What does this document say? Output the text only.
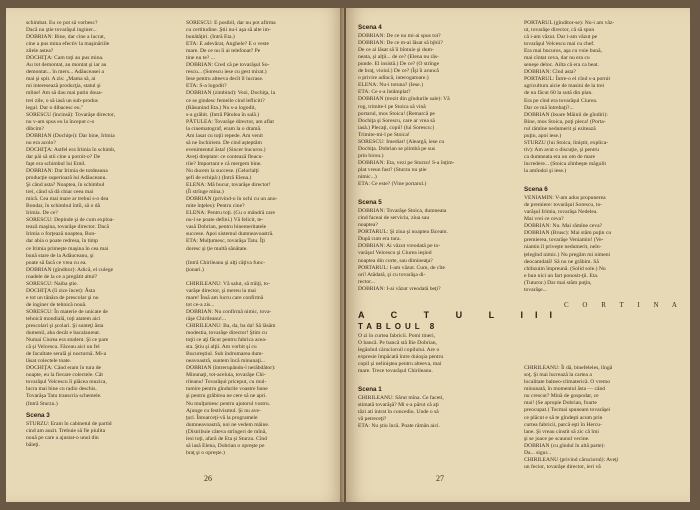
schimbat. Eu ce pot să vorbesc?

Dacă nu ştie tovarăşul inginer...

DOBRIAN: Bine, dar cine a lucrat,

cine a pus mina efectiv la maşinăriile

zilele astea?

DOCHIŢA: Cam toţi au pus mina.

Au tot demontat, au montat şi iar au

demontat... în mers... Adăuceasei a

mai şi spit. A zis: „Mama să, ai

mi interesează producţia, statul şi

mline! Am să dau mai putin doua-

trei zile, o să iasă un sub-produs

legal. Dar o dibacesc eu."

SORESCU (încinsă): Tovarăşe director,

nu v-am spus eu la început c-o

dibcim?

DOBRIAN (Dochiţei): Dar bine, Irimia

nu era acolo?

DOCHIŢA: Astfel era Irimia în schimb,

dar păi să stii cine a pornit-o? De

fapt era schimbul lui Emil.

DOBRIAN: Dar Irimia de totdeauna

producţie superioară lui Adăuceanu.

Şi când asta? Noaptea, în schimbul

trei, când să dă chiar ceea mai

mică. Cea mai mare ar trebui s-o dea

Bondar, în schimbul întîi, să o dă

Irimia. De ce?

SORESCU: Depinde şi de cum exploa-

tează maşina, tovarăşe director. Dacă

Irimia o forţează noaptea, Bon-

dar abia o poate redresa, în timp

ce Irimia primeşte maşina în cea mai

bună stare de la Adăuceanu, şi

poate să facă ce vrea cu ea.

DOBRIAN (gînditor): Adică, el culege

roadele de la ce a pregătit altul?

SORESCU: Naiba ştie.

DOCHIŢA (îi zice încet): Ăsta

e tot un tânăra de prescolar şi nu

de inginer de tehnică nouă.

SORESCU: În materie de unicate de

tehnică mondială, toţi atatem aici

prescolari şi şcolari. Şi sunteţi ăsta

dumenii, aha decât e bacalaureat.

Numai Ciurea era student. Şi ce pare

că şi Velcescu. Făceau aici un fel

de facultate serală şi nocturnă. Mi-a

lăsat colectele toate.

DOCHIŢA: Când eram în tura de

noapte, eu la fiecare colectele. Cât

tovarăşul Velcescu îi plăcea muzica,

lucra mai bine cu radio deschis.

Tovarăşa Tatu transcria schemele.

(Intră Sturzu.)

Scena 3

STURZU: Eram în cabinetul de partid

cind am auzit. Trebuie să fie piulita

nouă pe care a ajustat-o unul din

băieţi.

SORESCU: E posibil, dar nu pot afirma

cu certitudine. Ştii nu-i aşa să alte im-

bunătăţiri. (Intră Eta.)

ETA: E adevărat, Anghele? E o veste

mare. De ce nu îi ai telefonat? Pe

tine nu te? ...

DOBRIAN: Cred că pe tovarăşul So-

rescu... (Sorescu iese cu gest mirat.)

Iese pentru alteeva decît îl lucrase.

ETA: S-a logodit?

DOBRIAN (zimbind): Vezi, Dochiţa, la

ce se gindesc femeile cind lefliciti?

(Răsunind Eta.) Nu s-a logodit,

s-a grăbit. (Intră Pătulea în sală.)

PĂTULEA: Tovarăşe director, am aflat

la cinematograf, eram la o dramă.

Am lasat cu toţii repede. Am venit

să ne închiriem. De cind așteptăm

evenimentul ăsta! (Sincer bucuros.)

Aveţi dreptate: ce contează fleacu-

rile? Important e că mergem bine.

Nu ducem la succese. (Celorlalţi

şefi de echipă:) (Intră Elena.)

ELENA: Mă bucur, tovarăşe director!

(Îi strînge mîna.)

DOBRIAN (privind-o în ochi cu un anu-

mite înţeles): Pentru cine?

ELENA: Pentru toţi. (Cu o mândră care

nu-l se poate defini.) Vă felicit, te-

vasă Dobrian, pentru binemeritatele

succese. Apoi sistemul dumneavoastră.

ETA: Mulţumesc, tovarăşa Tatu. Îţi

doresc şi ţie multă sănătate.

(Intră Chirileanu şi alţi câţiva func-

ţionari.)

CHIRILEANU: Vă salut, să trăiţi, to-

varăşe director, şi mereu la mai

mare! Însă am lucru care confirmă

tot ce-a zis...

DOBRIAN: Nu confirmă nimic, tova-

răşe Chirileanu!...

CHIRILEANU: Ba, da, ba da! Să lăsăm

modestia, tovarăşe director! Ştim cu

toţii ce aţi făcut pentru fabrica acea-

sta. Ştiu şi alţii. Am vorbit şi cu

Bucureştiul. Sub îndrumarea dum-

neavoastră, suntem încă minunaţi...

DOBRIAN (întrerupându-l nerăbdător):

Minunaţi, tot-aceluia, tovarăşe Chi-

rileanu! Tovarăşul priceput, cu mul-

tumire pentru gîndurile voastre bune

şi pentru grăbirea ne cere să ne apri.

Nu mulţumesc pentru ajutorul vostru.

Ajunge cu festivismul. Şi nu ave-

ţuri. Întoarceţi-vă la programele

dumneavoastră, noi ne vedem mâine.

(Distribuie câteva strîngeri de mînă,

îesi toţi, afară de Eta şi Sturzu. Cînd

să iasă Elena, Dobrian o opreşte pe

braţ şi o opreşte.)

26

Scena 4

DOBRIAN: De ce nu mi-ai spus tot?

DOBRIAN: De ce m-ai lăsat să bjbii?

De ce ai lăsat să îi bîntuie şi dum-

neata, şi alţii... de ce? (Elena nu răs-

punde. El insistă.) De ce? (O strînge

de braţ, vioiul.) De ce? (Îşi îi aruncă

o privire adîncă, interogatoare.)

ELENA: Nu-i totuna? (Iese.)

ETA: Ce s-a întâmplat?

DOBRIAN (trezit din gîndurile sale): Vă

rog, trimite-l pe Stoica să vină

portarul, mos Stoica! (Remarcă pe

Dochiţa şi Sorescu, care ar vrea să

iasă.) Plecaţi, copii! (lui Sorescu:)

Trimite-mi-l pe Stoica!

SORESCU: Imediat! (Aleargă, iese cu

Dochiţa. Dobrian se plimbă pe sus

prin birou.)

DOBRIAN: Eta, vezi pe Sturzu! S-a înţim-

plat vreun fast? (Sturzu nu ştie

nimic...)

ETA: Ce este? (Vine portarul.)

Scena 5

DOBRIAN: Tovarăşe Stoica, dumneata

cind faceai de serviciu, ziua sau

noaptea?

PORTARUL: Şi ziua şi noaptea făceam.

După cum era tura.

DOBRIAN: Ai văzut vreodată pe to-

varăşul Velcescu şi Ciurea ieşind

noaptea din curte, sau dimineaţa?

PORTARUL: I-am văzut. Cum, de cîte

ori! Atâdată, şi cu tovarăşa di-

rector...

DOBRIAN: I-ai văzut vreodată beţi?

A C T U L III

TABLOUL 8

O zi în curtea fabricii. Pomi tineri,

O bancă. Pe bancă stă Ilie Dobrian,

legănînd cărucioruil copilului. Are o

expresie împăcată între duioşia pentru

copil şi neliniştea pentru alteeva, mai

mare. Trece tovarăşul Chirileanu.

Scena 1

CHIRILEANU: Sărut mîna. Ce faceti,

stimată tovarăşă? Mi s-a părut că aţi

tăzi ati intrat în concediu. Unde o să

vă petreceţi?

ETA: Nu ştiu încă. Poate rămân aici.

PORTARUL (gînditor-se): Nu-i am văz-

ut, tovarăşe director, că să spun

că i-am văzut. Dar i-am văzut pe

tovarăşul Velcescu mai cu chef.

Era mai bucuros, aşa cu voie bună,

mai cîntat ceva, dar nu era cu

seneşe deloc. Ailta că era ca beat.

DOBRIAN: Cînd asta?

PORTARUL: Între-o el cînd s-a pornit

agricultura aicie de masini de la trei

de nu făcut 60 la sută din plan.

Era pe cînd era tovarăşul Ciurea.

Dar ce mă întrebaţi?...

DOBRIAN (boare Mâinii de gîndiri):

Bine, mos Stoica, poţi pleca! (Porta-

rul rămîne nedumerit şi ezitează

puţin, apoi iese.)

STURZU (lui Stoica, liniştit, explica-

tiv): Am avut o discuţie, şi pentru

ca dumneata era un om de mare

încredere... (Stoica zîmbeşte măgulit

la amîndoi şi iese.)

Scena 6

VENIAMIN: V-am adus propunerea

de premiere: tovarăşul Sorescu, to-

varăşul Irimia, tovarăşa Nedelea.

Mai vrei ce ceva?

DOBRIAN: Nu. Mai rămîne ceva?

DOBRIAN (Brusc): Mai stăm puţin cu

premierea, tovarăşe Veniamin! (Ve-

niamin îl priveşte nedumerit, neîn-

ţelegînd nimic.) Nu pregăm mi nimeni

deocamdată! Să nu ne grăbim. Să

chibzuim împreună. (Solid sole.) Nu

e bun nici un fart ponosit-ţii. Eta.

(Tuturor.) Dar mai stăm puţin,

tovarăşe...

C O R T I N A

CHIRILEANU: Îi dă, binefeleles, lîngă

soţ. Şi mai lucrează la cartea a

localitate balneo-climaterică. O vremo

minunată, în momentul ăsta — când

nu crescut? Mină de gospodar, ce

mai! (Se apropie Dobrian, foarte

preocupat.) Tocmai spuneam tovarăşei

ce plăcut e să te gîndeşti acum prin

curtea fabricii, parcă eşti în Hercu-

lane. Şi vreau cinstit să zic că îmi

şi se joace pe scaunul vecine.

DOBRIAN (cu gîndul în altă parte):

Da... sigur...

CHIRILEANU (privind căruciorul): Aveţi

un fecior, tovarăşe director, ieri vă

27
